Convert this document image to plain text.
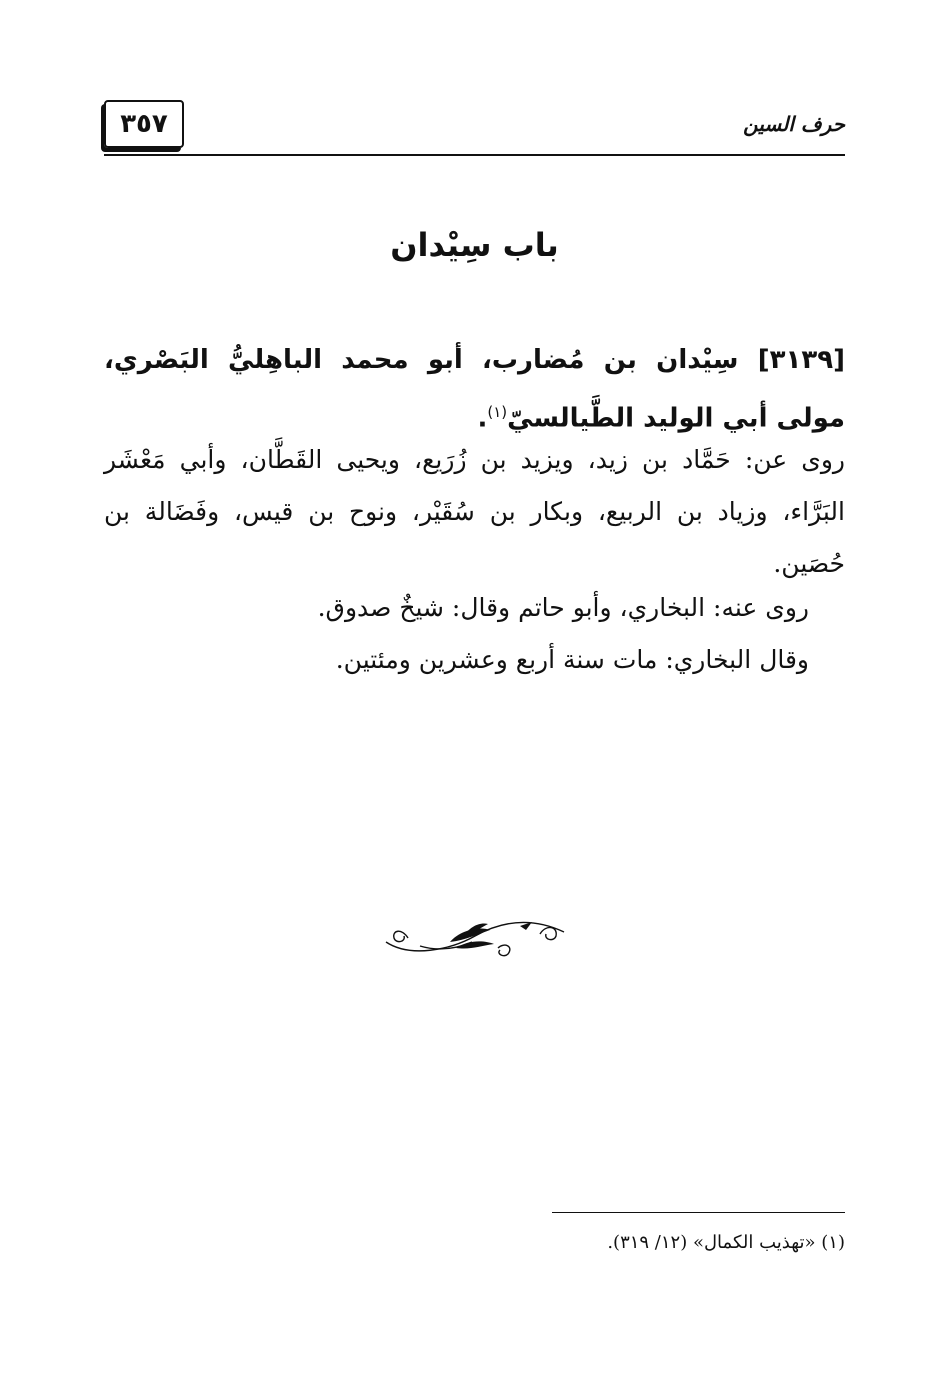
حرف السين
٣٥٧
باب سِيْدان
[٣١٣٩] سِيْدان بن مُضارب، أبو محمد الباهِليُّ البَصْري، مولى أبي الوليد الطَّيالسيّ$^{(١)}$.
روى عن: حَمَّاد بن زيد، ويزيد بن زُرَيع، ويحيى القَطَّان، وأبي مَعْشَر البَرَّاء، وزياد بن الربيع، وبكار بن سُقَيْر، ونوح بن قيس، وفَضَالة بن حُصَين.
روى عنه: البخاري، وأبو حاتم وقال: شيخٌ صدوق.
وقال البخاري: مات سنة أربع وعشرين ومئتين.
(١) «تهذيب الكمال» (١٢/ ٣١٩).
